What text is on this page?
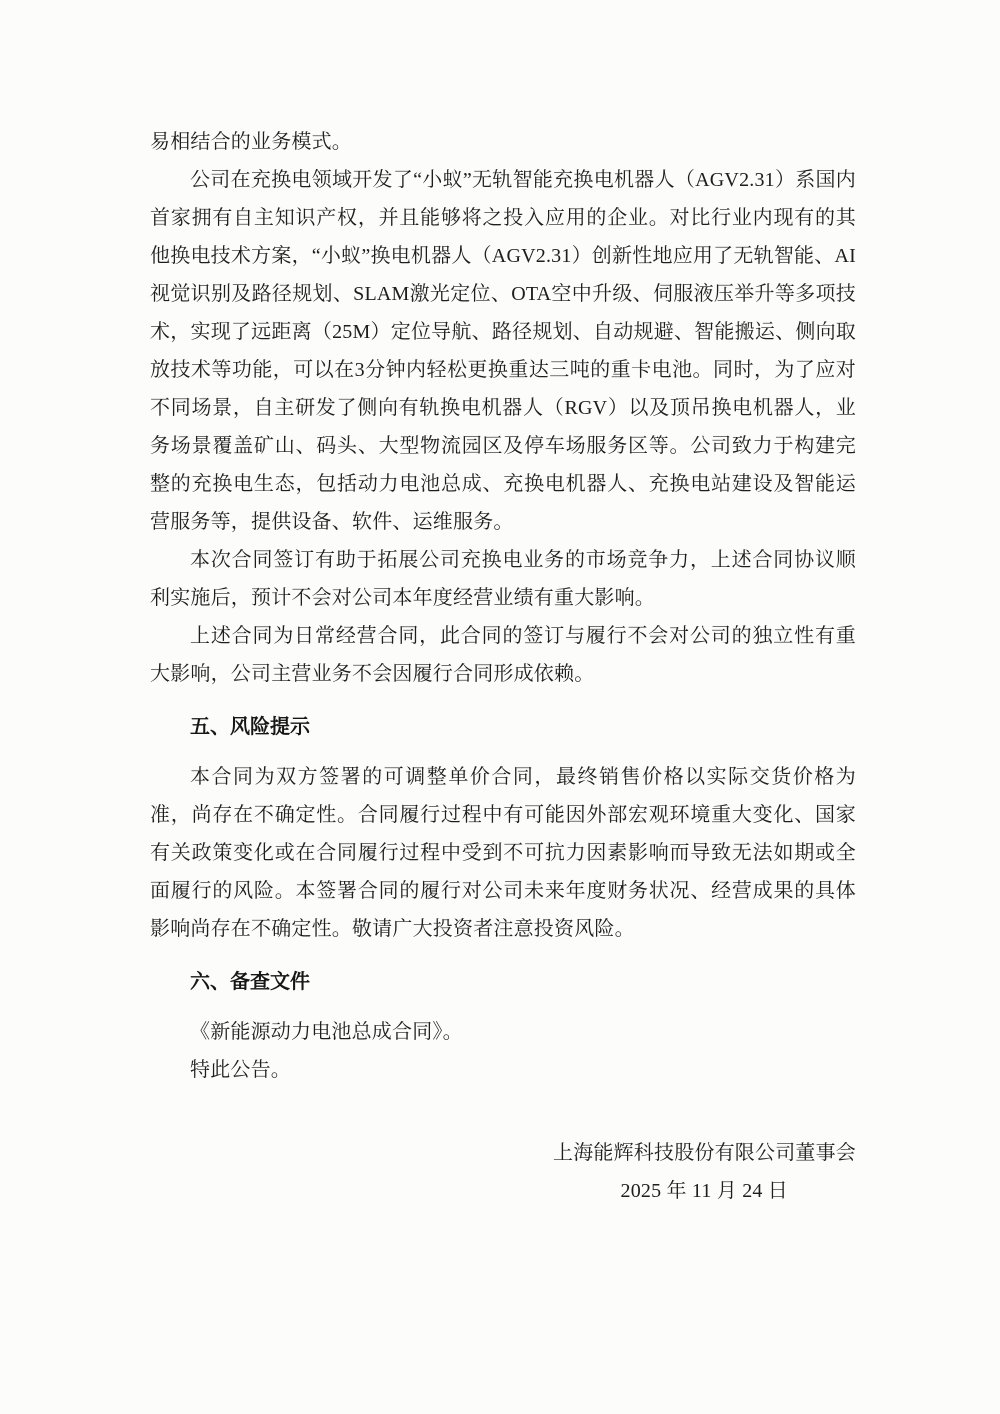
易相结合的业务模式。

公司在充换电领域开发了“小蚁”无轨智能充换电机器人（AGV2.31）系国内首家拥有自主知识产权，并且能够将之投入应用的企业。对比行业内现有的其他换电技术方案，“小蚁”换电机器人（AGV2.31）创新性地应用了无轨智能、AI视觉识别及路径规划、SLAM激光定位、OTA空中升级、伺服液压举升等多项技术，实现了远距离（25M）定位导航、路径规划、自动规避、智能搬运、侧向取放技术等功能，可以在3分钟内轻松更换重达三吨的重卡电池。同时，为了应对不同场景，自主研发了侧向有轨换电机器人（RGV）以及顶吊换电机器人，业务场景覆盖矿山、码头、大型物流园区及停车场服务区等。公司致力于构建完整的充换电生态，包括动力电池总成、充换电机器人、充换电站建设及智能运营服务等，提供设备、软件、运维服务。

本次合同签订有助于拓展公司充换电业务的市场竞争力，上述合同协议顺利实施后，预计不会对公司本年度经营业绩有重大影响。

上述合同为日常经营合同，此合同的签订与履行不会对公司的独立性有重大影响，公司主营业务不会因履行合同形成依赖。

五、风险提示

本合同为双方签署的可调整单价合同，最终销售价格以实际交货价格为准，尚存在不确定性。合同履行过程中有可能因外部宏观环境重大变化、国家有关政策变化或在合同履行过程中受到不可抗力因素影响而导致无法如期或全面履行的风险。本签署合同的履行对公司未来年度财务状况、经营成果的具体影响尚存在不确定性。敬请广大投资者注意投资风险。

六、备查文件

《新能源动力电池总成合同》。

特此公告。

上海能辉科技股份有限公司董事会

2025 年 11 月 24 日
